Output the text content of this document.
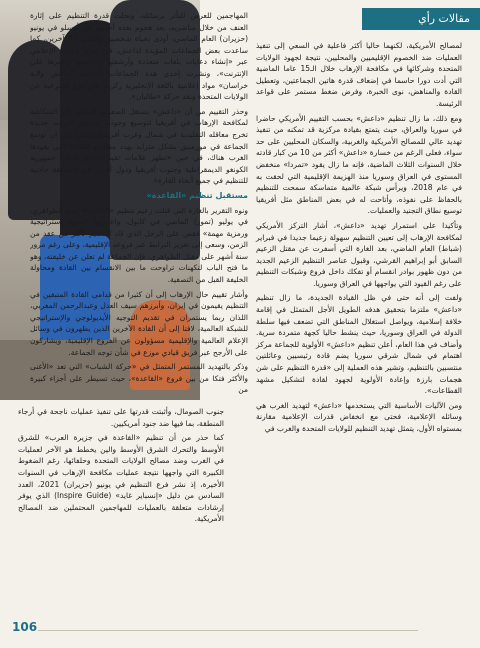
مقالات رأي

لمصالح الأمريكية، لكنهما حاليا أكثر فاعلية في السعي إلى تنفيذ العمليات ضد الخصوم الإقليميين والمحليين، نتيجة لجهود الولايات المتحدة وشركائها في مكافحة الإرهاب خلال الـ15 عاما الماضية التي أدت دورا حاسما في إضعاف قدرة هاتين الجماعتين، وتعطيل القادة والمناهض، نوى الخبرة، وفرض ضغط مستمر على قواعد الرئيسة.

ومع ذلك، ما زال تنظيم «داعش» بحسب التقييم الأمريكي حاضرا في سوريا والعراق، حيث يتمتع بقيادة مركزية قد تمكنه من تنفيذ تهديد عالي للمصالح الأمريكية والغربية، والسكان المحليين على حد سواء، فعلى الرغم من خسارة «داعش» أكثر من 10 من كبار قادته خلال السنوات الثلاث الماضية، فإنه ما زال يقود «تمردا» منخفض المستوى في العراق وسوريا منذ الهزيمة الإقليمية التي لحقت به في عام 2018، ويرأس شبكة عالمية متماسكة سمحت للتنظيم بالحفاظ على نفوذه، وأتاحت له في بعض المناطق مثل أفريقيا توسيع نطاق التجنيد والعمليات.

وتأكيدا على استمرار تهديد «داعش»، أشار التركز الأمريكي لمكافحة الإرهاب إلى تعيين التنظيم سهولة زعيما جديدا في فبراير (شباط) العام الماضي، بعد الغارة التي أسفرت عن مقتل الزعيم السابق أبو إبراهيم القرشي، وقبول عناصر التنظيم الزعيم الجديد من دون ظهور بوادر انقسام أو تفكك داخل فروع وشبكات التنظيم على رغم القيود التي يواجهها في العراق وسوريا.

ولفت إلى أنه حتى في ظل القيادة الجديدة، ما زال تنظيم «داعش» ملتزما بتحقيق هدفه الطويل الأجل المتمثل في إقامة خلافة إسلامية، ويواصل استغلال المناطق التي تضعف فيها سلطة الدولة في العراق وسوريا، حيث ينشط حاليا كجهة متمردة سرية. وأضاف في هذا العام، أعلن تنظيم «داعش» الأولوية للجماعة مركز اهتمام في شمال شرقي سوريا يضم قادة رئيسيين وعائلتين منتسبين بالتنظيم، وتشير هذه العملية إلى «قدرة التنظيم على شن هجمات بارزة وإعادة الأولوية لجهود لقادة لتشكيل مشهد القطاعات».

ومن الآليات الأساسية التي يستخدمها «داعش» لتهديد الغرب هي وسائله الإعلامية، فحتى مع انخفاض قدرات الإعلامية مقارنة بمستواه الأول، يتمثل تهديد التنظيم للولايات المتحدة والغرب في

المهاجمين للعرض للتأثر برسائله، وتجلت قدرة التنظيم على إثارة العنف من خلال مناصريه، بعد هجوم نفذه أحدهم في أوسلو في يونيو (حزيران) العام الماضي، أودى بحياة شخصين وأصاب 21 آخرين، كما ساعدت بعض الجماعات المؤيدة لداعش، في تعزيز وجوده الإعلامي عبر «إنشاء دعايات بلغات متعددة وأرشفتها وترجمتها ونشرها على الإنترنت»، ونشرت إحدى هذه الجماعات الداعمة لداعش ولاية خراسان» مواد إعلامية باللغة الإنجليزية ركزت على نزع الشرعية عن الولايات المتحدة ونقد حركة «طالبان».

وحذر التقييم من أن «داعش» يستغل الضعوط المحلية غير المتكافئة لمكافحة الإرهاب في أفريقيا لتوسيع وجوده، وتطوير قدرات جديدة تخرج معاقله التقليدية في شمال وغرب أفريقيا، مشيرا إلى أن توسع الجماعة في موزمبيق بشكل متزايد يهدد مشاريع الطاقة التي يقودها الغرب هناك، في حين «تظهر علامات تفيد «داعش» في جمهورية الكونغو الديمقراطية وجنوب أفريقيا ودول أخرى في المنطقة جاذبية للتنظيم في جميع أنحاء القارة».

مستقبل تنظيم «القاعدة»

ونوه التقرير بالغارة التي قتلت زعيم تنظيم «القاعدة» أيمن الظواهري، في يوليو (تموز) الماضي في كابول، واعتبرتها «ضربة إستراتيجية ورمزية مهمة» فقص على الرجل الذي قاد التنظيم لأكثر من عقد من الزمن، وسعى إلى تعزيز الترابط عبر فروعه الإقليمية، وعلى رغم مرور سنة أشهر على مقتل الظواهري، فإن الجماعة لم تعلن عن خليفته، وهو ما فتح الباب لتكهنات تراوحت ما بين الانقسام بين القادة ومحاولة الخليفة القبل من التصفية.

وأشار تقييم حال الإرهاب إلى أن كثيرا من قدامى القادة المتبقين في التنظيم يقيمون في إيران، وأبرزهم سيف العدل وعبدالرحمن المغربي، اللذان ربما يستمران في تقديم التوجيه الأيديولوجي والإستراتيجي للشبكة العالمية، لافتا إلى أن القادة الآخرين الذين يظهرون في وسائل الإعلام العالمية والإقليمية مسؤولون عن الفروع الإقليمية، ويشاركون على الأرجح عبر فريق قيادي موزع في شأن توجه الجماعة.

وذكر بالتهديد المستمر المتمثل في «حركة الشباب» التي تعد «الأغنى والأكثر فتكا من بين فروع «القاعدة»، حيث تسيطر على أجزاء كبيرة من

جنوب الصومال، وأثبتت قدرتها على تنفيذ عمليات ناجحة في أرجاء المنطقة، بما فيها ضد جنود أمريكيين.

كما حذر من أن تنظيم «القاعدة في جزيرة العرب» للشرق الأوسط والتحرك الشرق الأوسط والين يخطط هو الآخر لعمليات في الغرب وضد مصالح الولايات المتحدة وحلفائها، رغم الضغوط الكبيرة التي واجهها نتيجة عمليات مكافحة الإرهاب في السنوات الأخيرة، إذ نشر فرع التنظيم في يونيو (حزيران) 2021، العدد السادس من دليل «إنسباير غايد» (Inspire Guide) الذي يوفر إرشادات متعلقة بالعمليات للمهاجمين المحتملين ضد المصالح الأمريكية.

106
